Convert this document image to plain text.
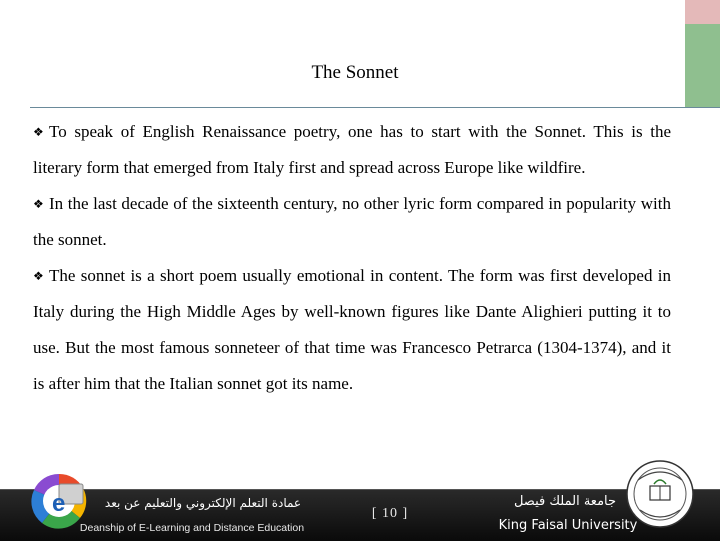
The Sonnet

❖ To speak of English Renaissance poetry, one has to start with the Sonnet. This is the literary form that emerged from Italy first and spread across Europe like wildfire.

❖ In the last decade of the sixteenth century, no other lyric form compared in popularity with the sonnet.

❖ The sonnet is a short poem usually emotional in content. The form was first developed in Italy during the High Middle Ages by well-known figures like Dante Alighieri putting it to use. But the most famous sonneteer of that time was Francesco Petrarca (1304-1374), and it is after him that the Italian sonnet got its name.

e	عمادة التعلم الإلكتروني والتعليم عن بعد
Deanship of E-Learning and Distance Education
[ 10 ]
جامعة الملك فيصل
King Faisal University
